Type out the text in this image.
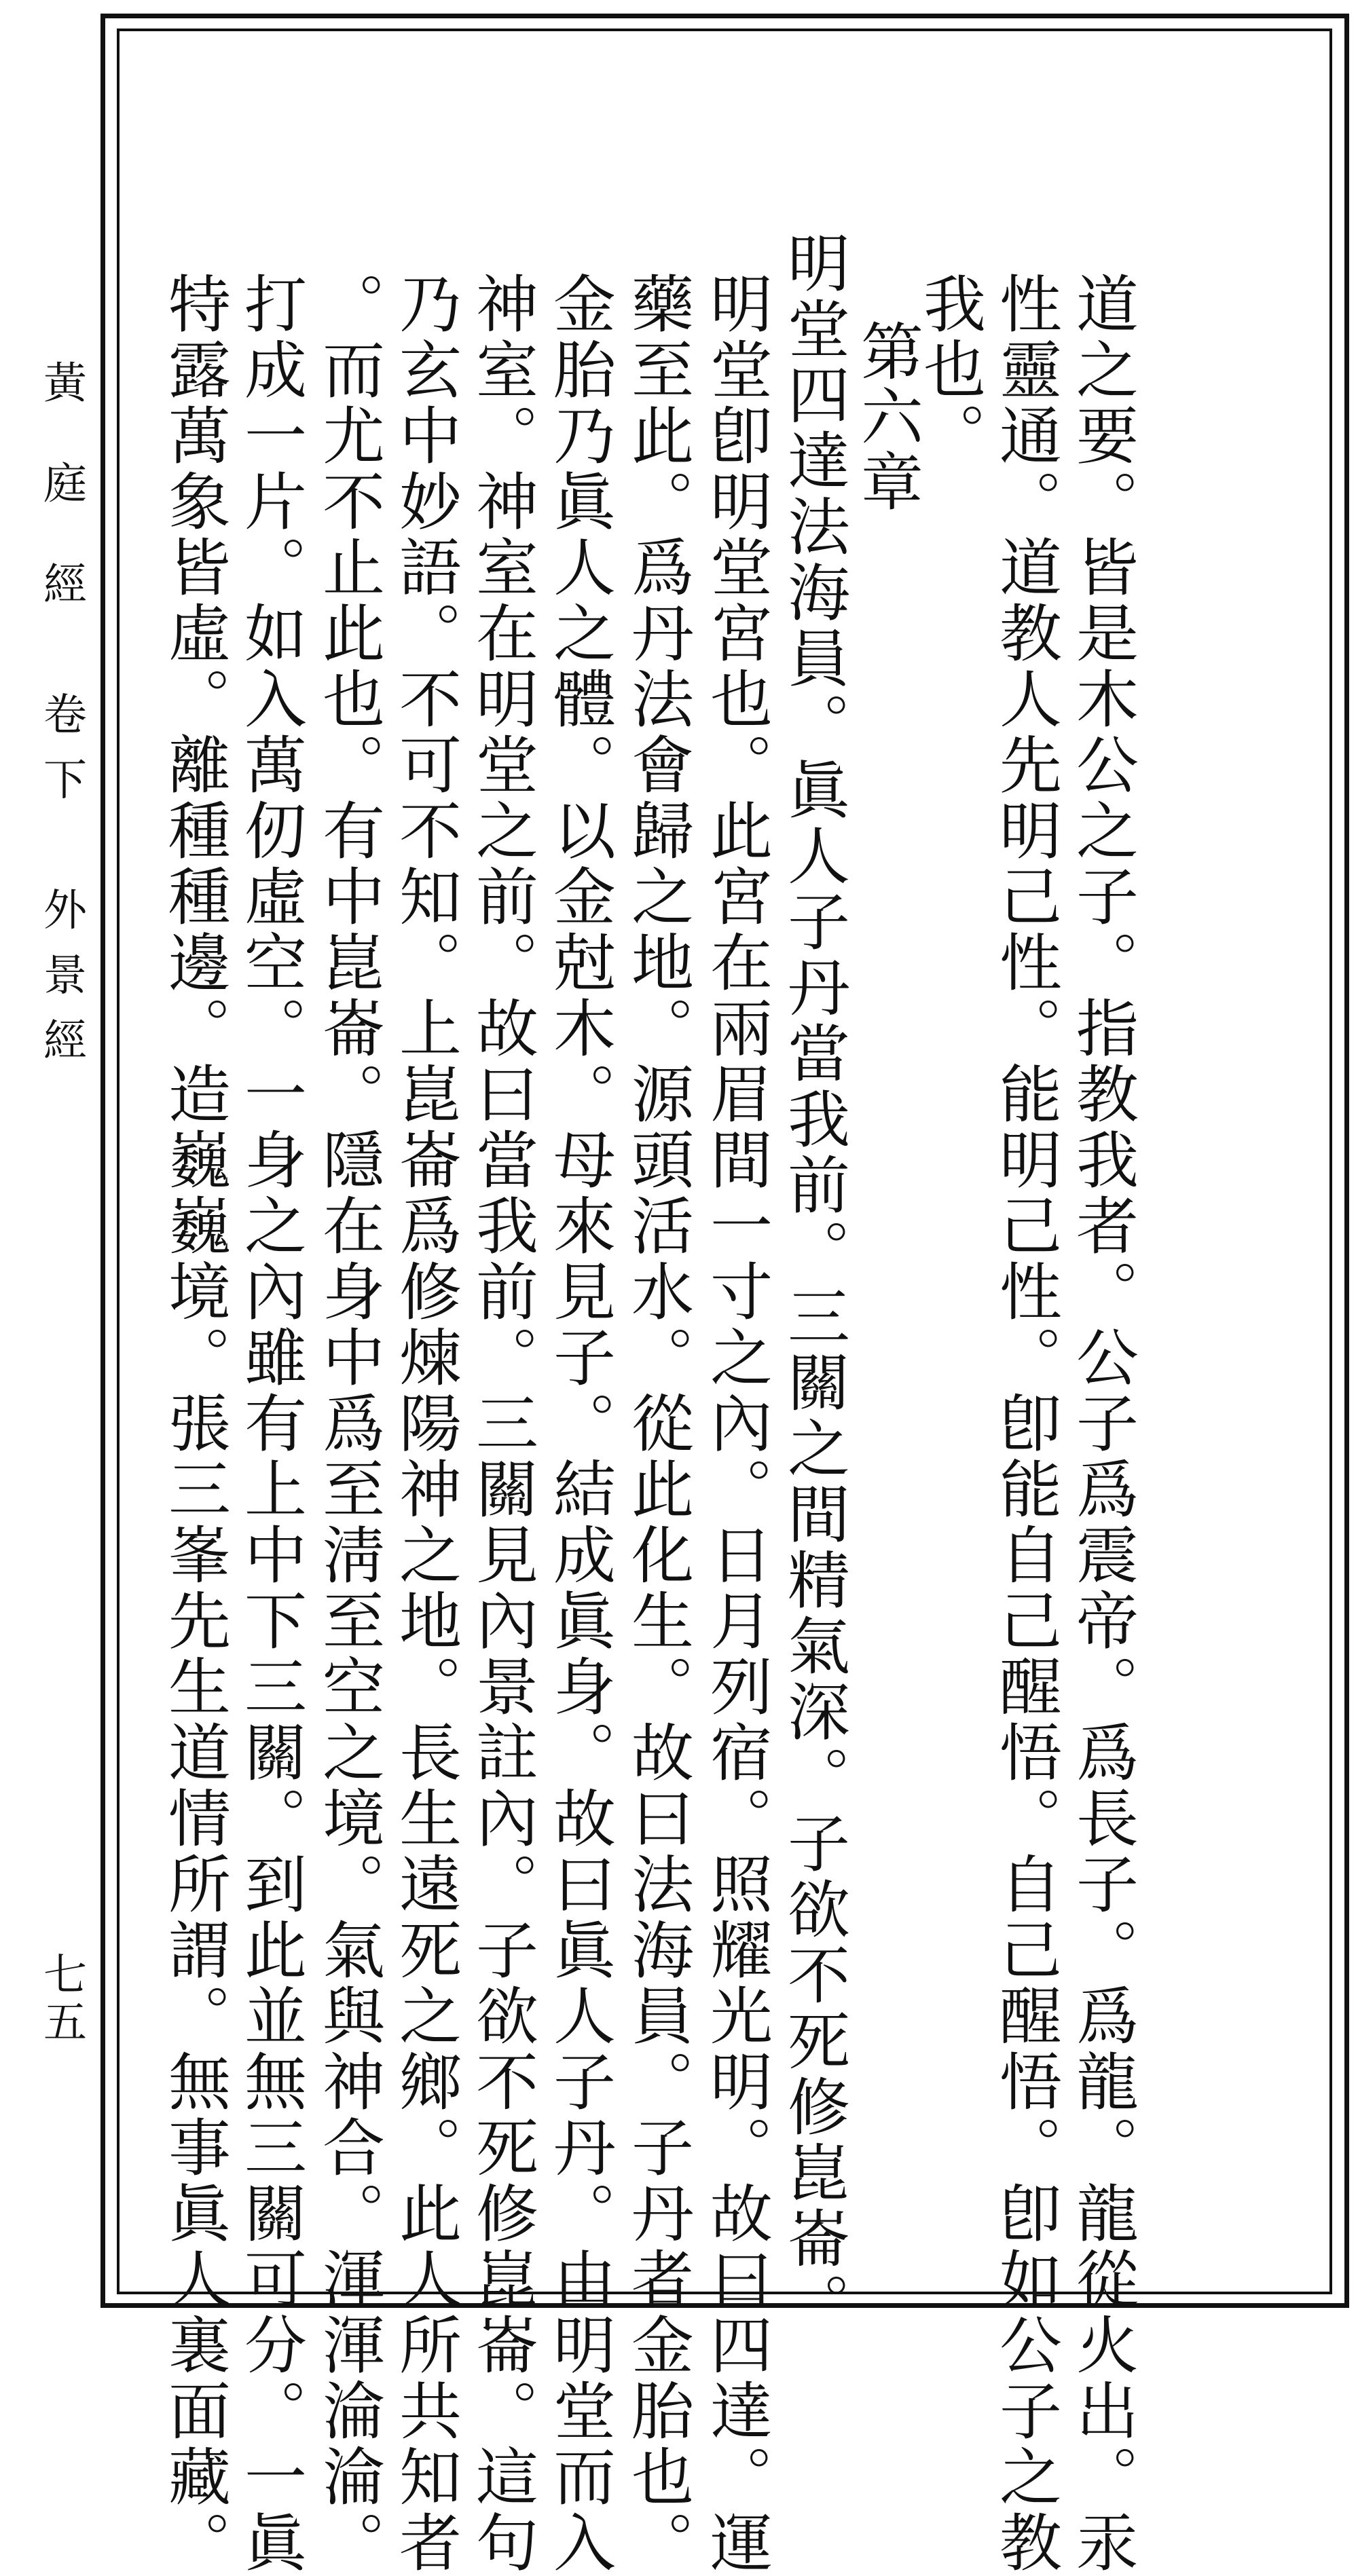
黃 庭 經　卷下　外景經
七五	道之要。皆是木公之子。指教我者。公子爲震帝。爲長子。爲龍。龍從火出。汞
性靈通。道教人先明己性。能明己性。卽能自己醒悟。自己醒悟。卽如公子之教
我也。
第六章
明堂四達法海員。眞人子丹當我前。三關之間精氣深。子欲不死修崑崙。
明堂卽明堂宮也。此宮在兩眉間一寸之內。日月列宿。照耀光明。故曰四達。運
藥至此。爲丹法會歸之地。源頭活水。從此化生。故曰法海員。子丹者金胎也。
金胎乃眞人之體。以金尅木。母來見子。結成眞身。故曰眞人子丹。由明堂而入
神室。神室在明堂之前。故曰當我前。三關見內景註內。子欲不死修崑崙。這句
乃玄中妙語。不可不知。上崑崙爲修煉陽神之地。長生遠死之鄉。此人所共知者
。而尤不止此也。有中崑崙。隱在身中爲至淸至空之境。氣與神合。渾渾淪淪。
打成一片。如入萬仞虛空。一身之內雖有上中下三關。到此並無三關可分。一眞
特露萬象皆虛。離種種邊。造巍巍境。張三峯先生道情所謂。無事眞人裏面藏。
